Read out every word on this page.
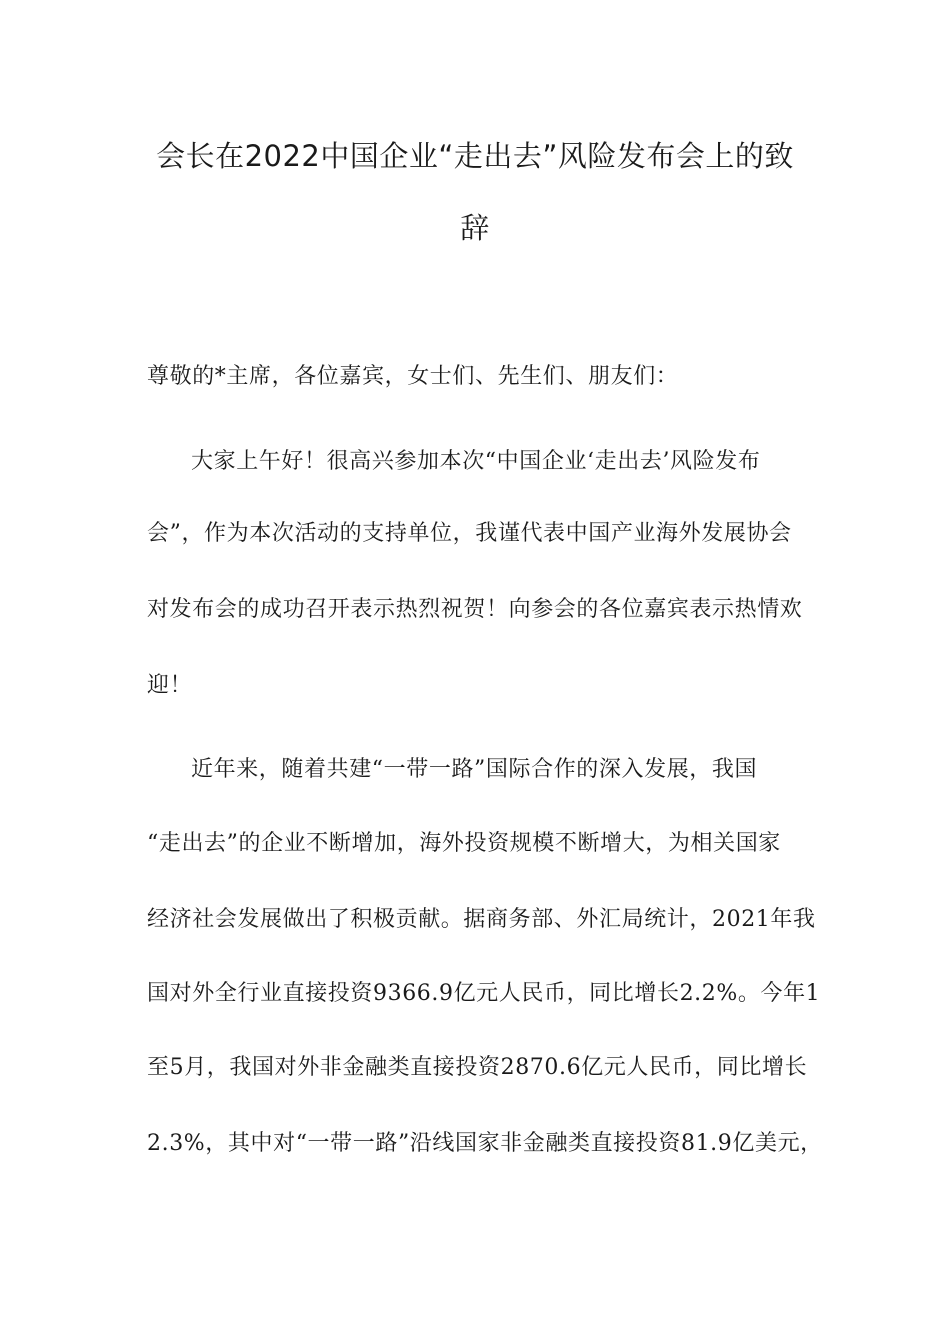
会长在2022中国企业“走出去”风险发布会上的致
辞
尊敬的*主席，各位嘉宾，女士们、先生们、朋友们：
大家上午好！很高兴参加本次“中国企业‘走出去’风险发布
会”，作为本次活动的支持单位，我谨代表中国产业海外发展协会
对发布会的成功召开表示热烈祝贺！向参会的各位嘉宾表示热情欢
迎！
近年来，随着共建“一带一路”国际合作的深入发展，我国
“走出去”的企业不断增加，海外投资规模不断增大，为相关国家
经济社会发展做出了积极贡献。据商务部、外汇局统计，2021年我
国对外全行业直接投资9366.9亿元人民币，同比增长2.2%。今年1
至5月，我国对外非金融类直接投资2870.6亿元人民币，同比增长
2.3%，其中对“一带一路”沿线国家非金融类直接投资81.9亿美元，
